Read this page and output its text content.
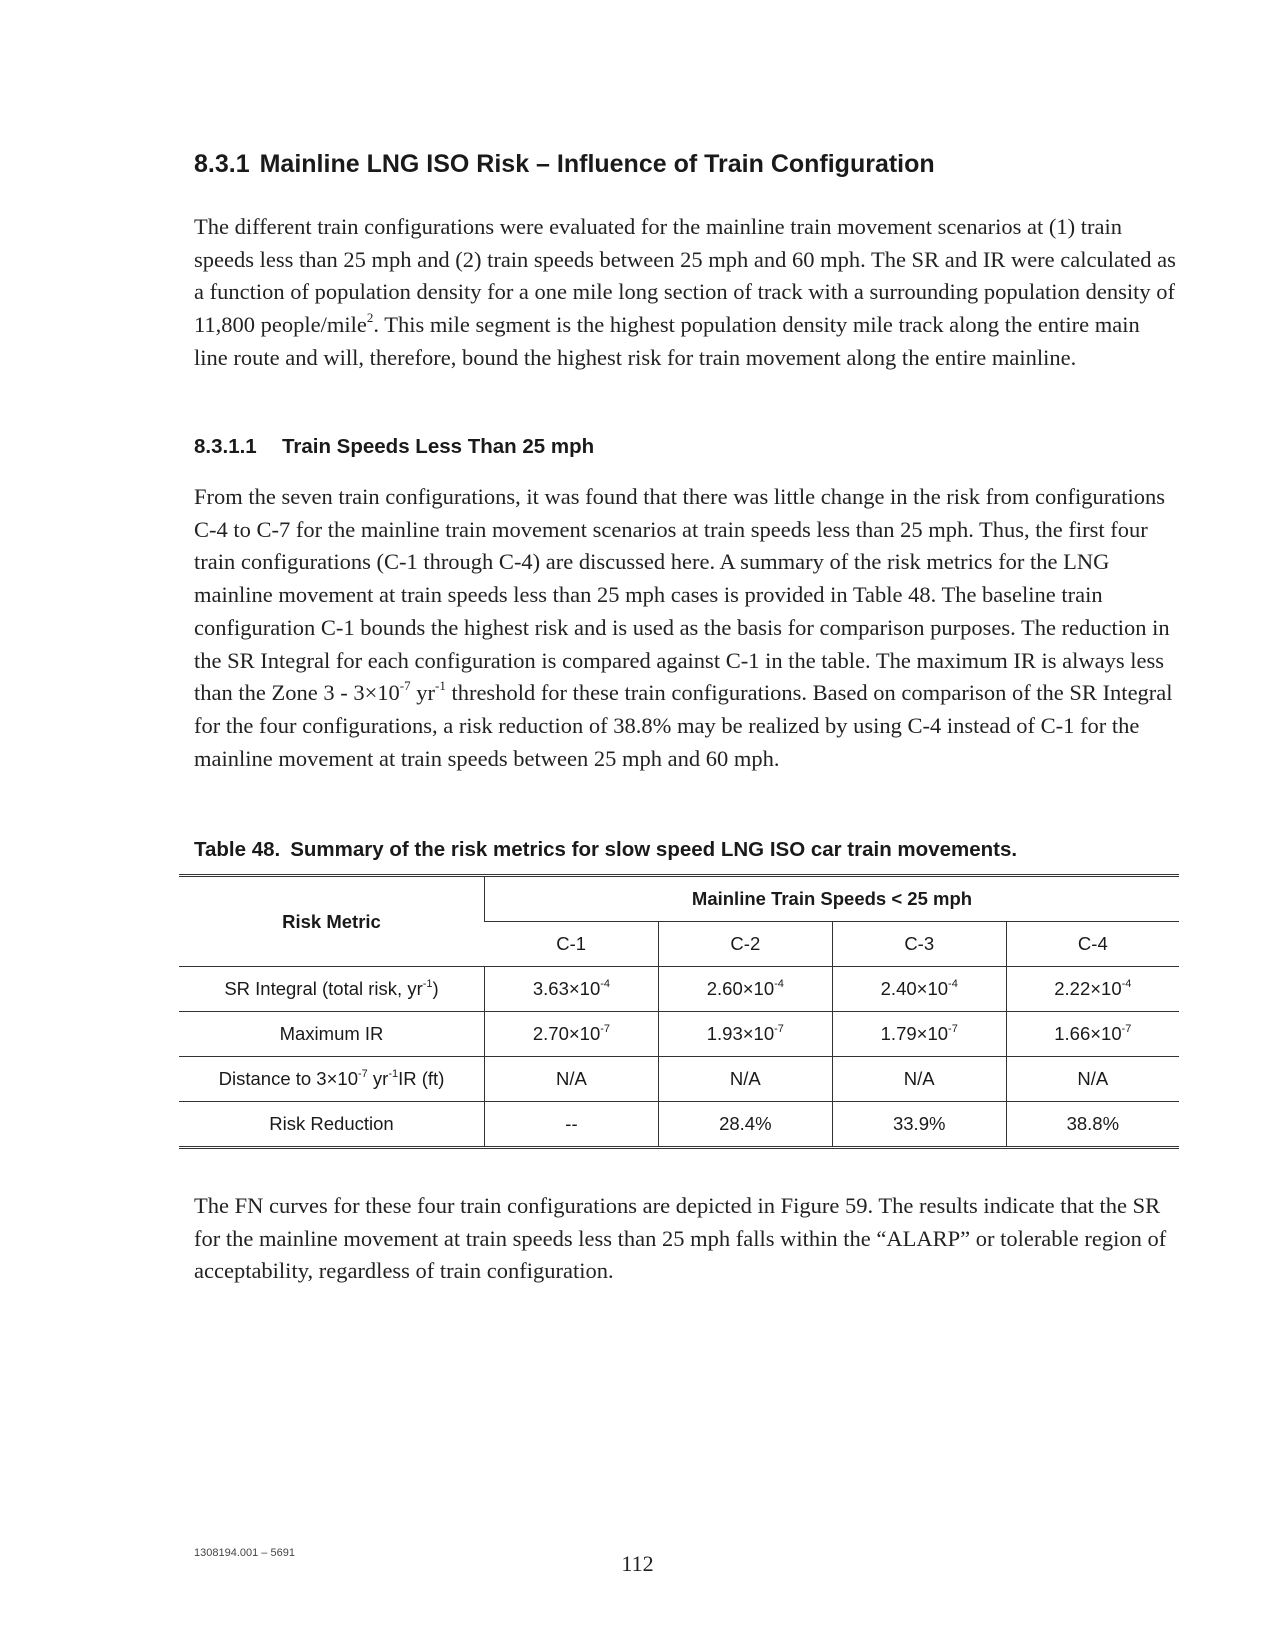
8.3.1 Mainline LNG ISO Risk – Influence of Train Configuration

The different train configurations were evaluated for the mainline train movement scenarios at (1) train speeds less than 25 mph and (2) train speeds between 25 mph and 60 mph. The SR and IR were calculated as a function of population density for a one mile long section of track with a surrounding population density of 11,800 people/mile$^2$. This mile segment is the highest population density mile track along the entire main line route and will, therefore, bound the highest risk for train movement along the entire mainline.

8.3.1.1 Train Speeds Less Than 25 mph

From the seven train configurations, it was found that there was little change in the risk from configurations C-4 to C-7 for the mainline train movement scenarios at train speeds less than 25 mph. Thus, the first four train configurations (C-1 through C-4) are discussed here. A summary of the risk metrics for the LNG mainline movement at train speeds less than 25 mph cases is provided in Table 48. The baseline train configuration C-1 bounds the highest risk and is used as the basis for comparison purposes. The reduction in the SR Integral for each configuration is compared against C-1 in the table. The maximum IR is always less than the Zone $3 - 3\times 10^{-7}$ $yr^{-1}$ threshold for these train configurations. Based on comparison of the SR Integral for the four configurations, a risk reduction of 38.8% may be realized by using C-4 instead of C-1 for the mainline movement at train speeds between 25 mph and 60 mph.

Table 48. Summary of the risk metrics for slow speed LNG ISO car train movements.

Risk Metric	Mainline Train Speeds < 25 mph			
	C-1	C-2	C-3	C-4
SR Integral (total risk, $yr^{-1}$)	$3.63\times 10^{-4}$	$2.60\times 10^{-4}$	$2.40\times 10^{-4}$	$2.22\times 10^{-4}$
Maximum IR	$2.70\times 10^{-7}$	$1.93\times 10^{-7}$	$1.79\times 10^{-7}$	$1.66\times 10^{-7}$
Distance to $3\times 10^{-7}$ $yr^{-1}IR$ (ft)	N/A	N/A	N/A	N/A
Risk Reduction	--	28.4%	33.9%	38.8%

The FN curves for these four train configurations are depicted in Figure 59. The results indicate that the SR for the mainline movement at train speeds less than 25 mph falls within the “ALARP” or tolerable region of acceptability, regardless of train configuration.

1308194.001 – 5691	112
